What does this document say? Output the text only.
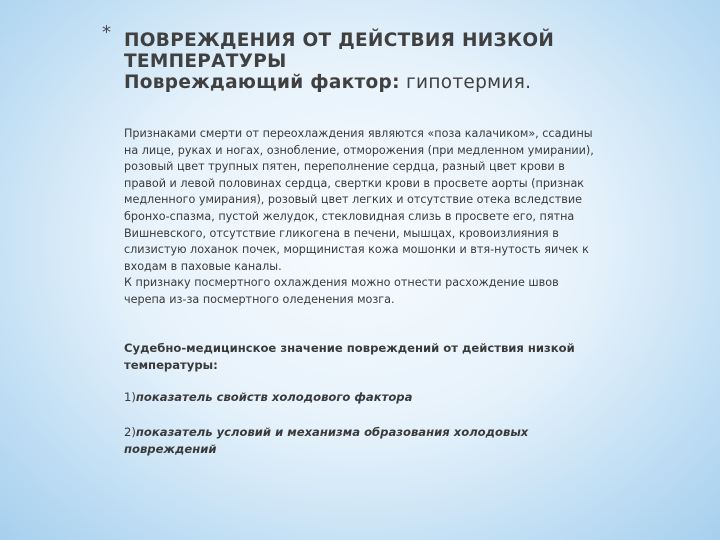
* ПОВРЕЖДЕНИЯ ОТ ДЕЙСТВИЯ НИЗКОЙ
ТЕМПЕРАТУРЫ
Повреждающий фактор: гипотермия.

Признаками смерти от переохлаждения являются «поза калачиком», ссадины на лице, руках и ногах, ознобление, отморожения (при медленном умирании), розовый цвет трупных пятен, переполнение сердца, разный цвет крови в правой и левой половинах сердца, свертки крови в просвете аорты (признак медленного умирания), розовый цвет легких и отсутствие отека вследствие бронхо-спазма, пустой желудок, стекловидная слизь в просвете его, пятна Вишневского, отсутствие гликогена в печени, мышцах, кровоизлияния в слизистую лоханок почек, морщинистая кожа мошонки и втя-нутость яичек к входам в паховые каналы.

К признаку посмертного охлаждения можно отнести расхождение швов черепа из-за посмертного оледенения мозга.

Судебно-медицинское значение повреждений от действия низкой температуры:
1)показатель свойств холодового фактора
2)показатель условий и механизма образования холодовых повреждений
